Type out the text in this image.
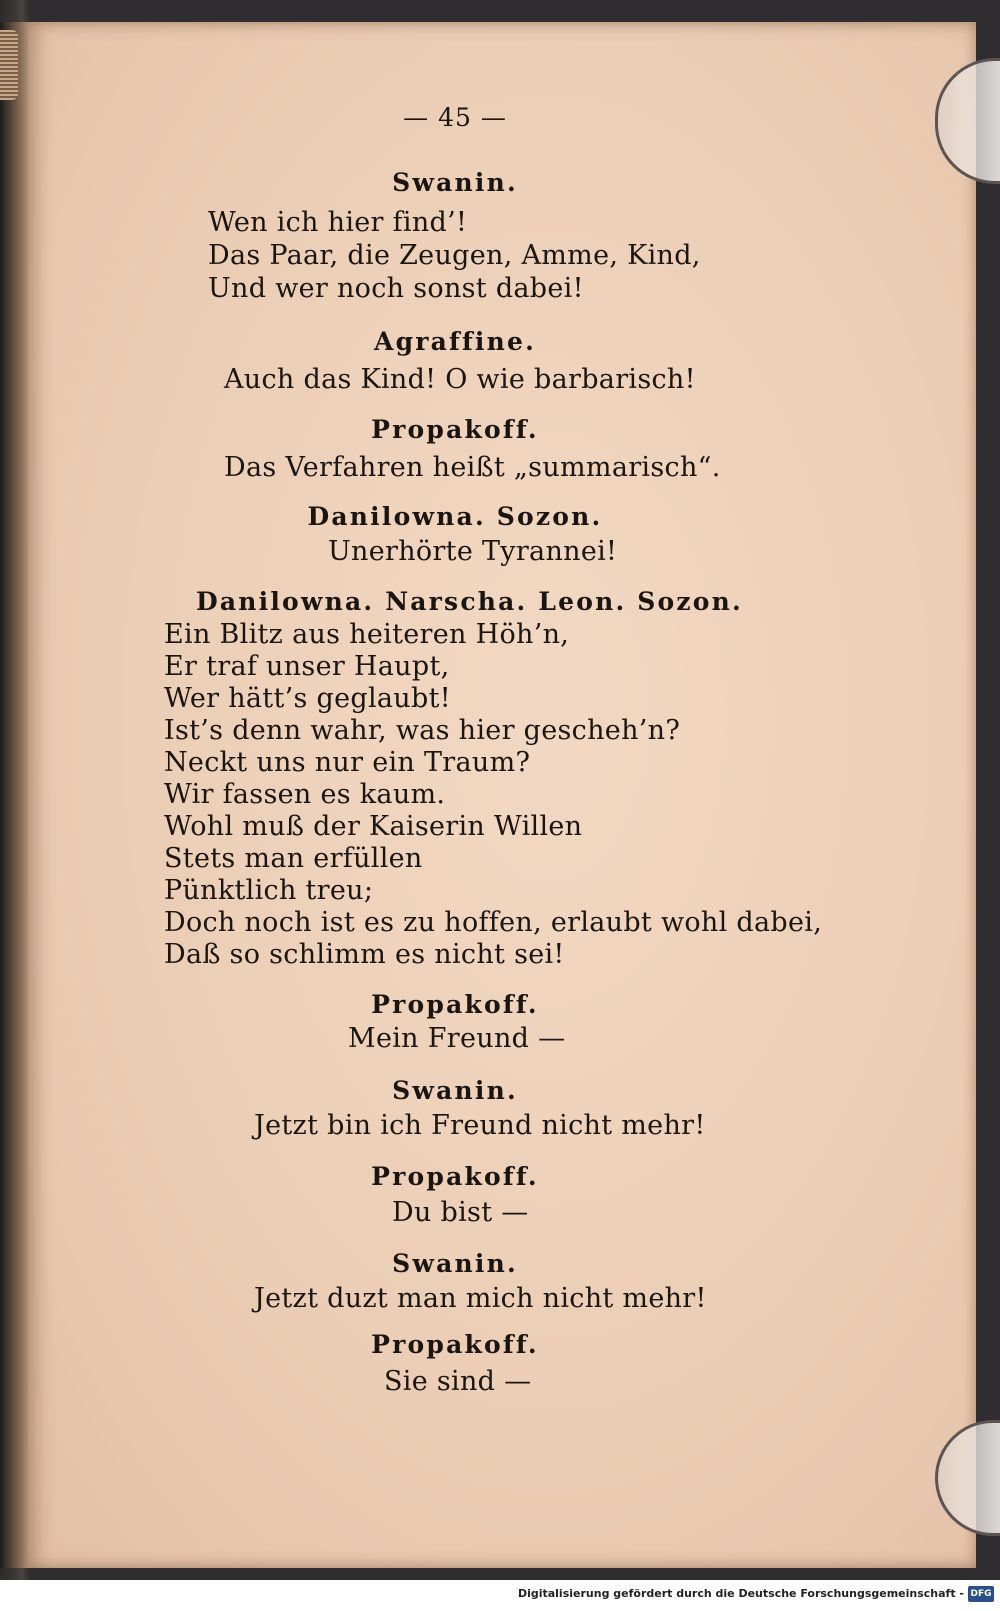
— 45 —
Swanin.
Wen ich hier find’!
Das Paar, die Zeugen, Amme, Kind,
Und wer noch sonst dabei!
Agraffine.
Auch das Kind! O wie barbarisch!
Propakoff.
Das Verfahren heißt „summarisch“.
Danilowna. Sozon.
Unerhörte Tyrannei!
Danilowna. Narscha. Leon. Sozon.
Ein Blitz aus heiteren Höh’n,
Er traf unser Haupt,
Wer hätt’s geglaubt!
Ist’s denn wahr, was hier gescheh’n?
Neckt uns nur ein Traum?
Wir fassen es kaum.
Wohl muß der Kaiserin Willen
Stets man erfüllen
Pünktlich treu;
Doch noch ist es zu hoffen, erlaubt wohl dabei,
Daß so schlimm es nicht sei!
Propakoff.
Mein Freund —
Swanin.
Jetzt bin ich Freund nicht mehr!
Propakoff.
Du bist —
Swanin.
Jetzt duzt man mich nicht mehr!
Propakoff.
Sie sind —
Digitalisierung gefördert durch die Deutsche Forschungsgemeinschaft - DFG
